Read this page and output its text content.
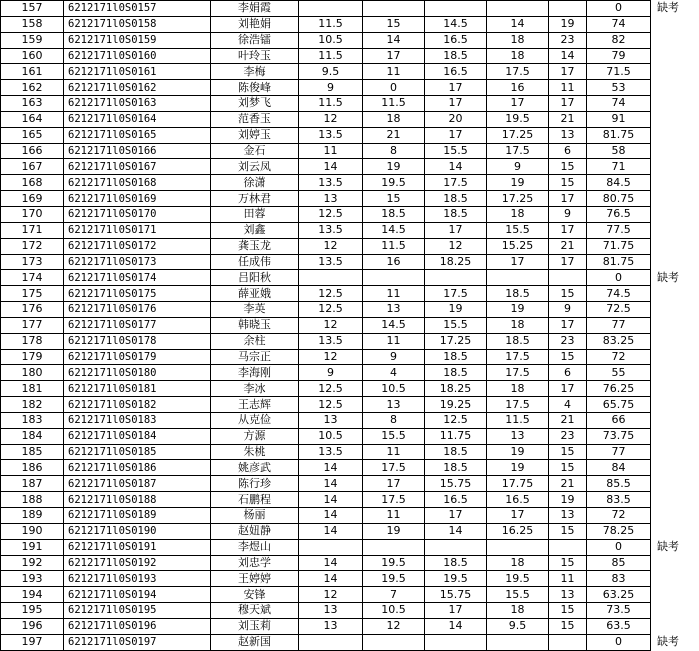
157	6212171l0S0157	李娟霞						0	缺考
158	6212171l0S0158	刘艳娟	11.5	15	14.5	14	19	74	
159	6212171l0S0159	徐浩镭	10.5	14	16.5	18	23	82	
160	6212171l0S0160	叶玲玉	11.5	17	18.5	18	14	79	
161	6212171l0S0161	李梅	9.5	11	16.5	17.5	17	71.5	
162	6212171l0S0162	陈俊峰	9	0	17	16	11	53	
163	6212171l0S0163	刘梦飞	11.5	11.5	17	17	17	74	
164	6212171l0S0164	范香玉	12	18	20	19.5	21	91	
165	6212171l0S0165	刘婷玉	13.5	21	17	17.25	13	81.75	
166	6212171l0S0166	金石	11	8	15.5	17.5	6	58	
167	6212171l0S0167	刘云凤	14	19	14	9	15	71	
168	6212171l0S0168	徐潇	13.5	19.5	17.5	19	15	84.5	
169	6212171l0S0169	万林君	13	15	18.5	17.25	17	80.75	
170	6212171l0S0170	田蓉	12.5	18.5	18.5	18	9	76.5	
171	6212171l0S0171	刘鑫	13.5	14.5	17	15.5	17	77.5	
172	6212171l0S0172	龚玉龙	12	11.5	12	15.25	21	71.75	
173	6212171l0S0173	任成伟	13.5	16	18.25	17	17	81.75	
174	6212171l0S0174	吕阳秋						0	缺考
175	6212171l0S0175	薛亚娥	12.5	11	17.5	18.5	15	74.5	
176	6212171l0S0176	李英	12.5	13	19	19	9	72.5	
177	6212171l0S0177	韩晓玉	12	14.5	15.5	18	17	77	
178	6212171l0S0178	余柱	13.5	11	17.25	18.5	23	83.25	
179	6212171l0S0179	马宗正	12	9	18.5	17.5	15	72	
180	6212171l0S0180	李海刚	9	4	18.5	17.5	6	55	
181	6212171l0S0181	李冰	12.5	10.5	18.25	18	17	76.25	
182	6212171l0S0182	王志辉	12.5	13	19.25	17.5	4	65.75	
183	6212171l0S0183	从克俭	13	8	12.5	11.5	21	66	
184	6212171l0S0184	方源	10.5	15.5	11.75	13	23	73.75	
185	6212171l0S0185	朱桃	13.5	11	18.5	19	15	77	
186	6212171l0S0186	姚彦武	14	17.5	18.5	19	15	84	
187	6212171l0S0187	陈行珍	14	17	15.75	17.75	21	85.5	
188	6212171l0S0188	石鹏程	14	17.5	16.5	16.5	19	83.5	
189	6212171l0S0189	杨丽	14	11	17	17	13	72	
190	6212171l0S0190	赵妞静	14	19	14	16.25	15	78.25	
191	6212171l0S0191	李煜山						0	缺考
192	6212171l0S0192	刘忠学	14	19.5	18.5	18	15	85	
193	6212171l0S0193	王婷婷	14	19.5	19.5	19.5	11	83	
194	6212171l0S0194	安锋	12	7	15.75	15.5	13	63.25	
195	6212171l0S0195	穆天斌	13	10.5	17	18	15	73.5	
196	6212171l0S0196	刘玉莉	13	12	14	9.5	15	63.5	
197	6212171l0S0197	赵新国						0	缺考
